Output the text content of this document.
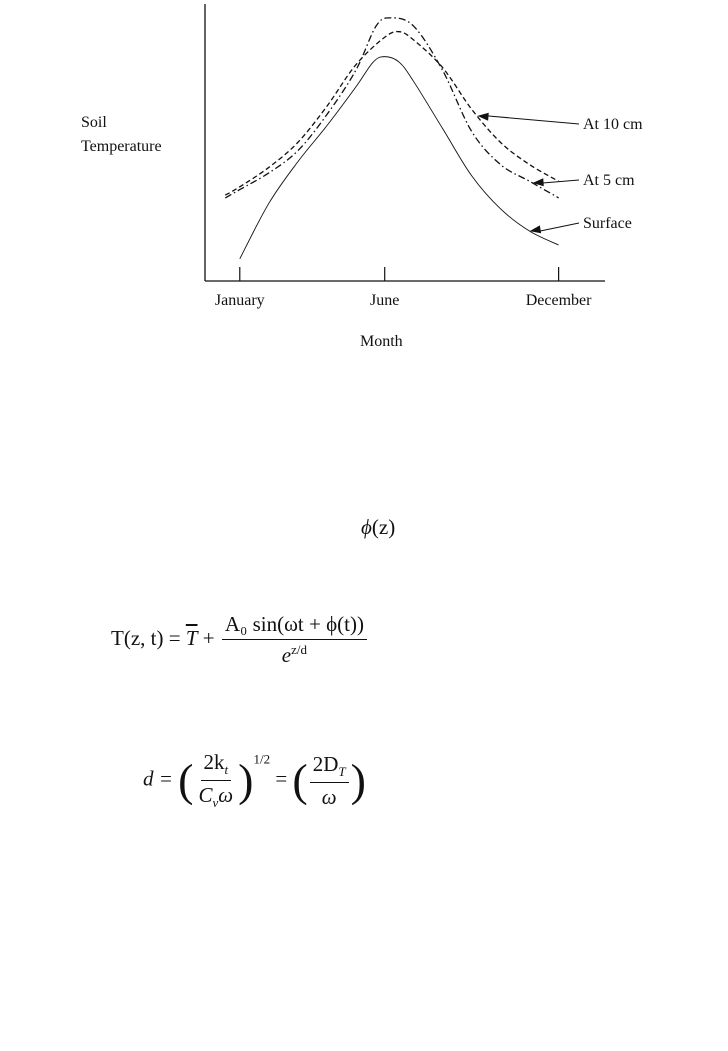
January	June	December
At 10 cm
At 5 cm
Surface
Soil
Temperature
Month
ϕ(z)
T(z, $t) = \overline{T} + \frac{\text{A₀ sin(ωt + ϕ(t))}}{e^{z/d}}$
d = ( $\frac{2k_t}{C_v\omega} )^{1/2}$ = ( $\frac{2D_T}{\omega}$ )
